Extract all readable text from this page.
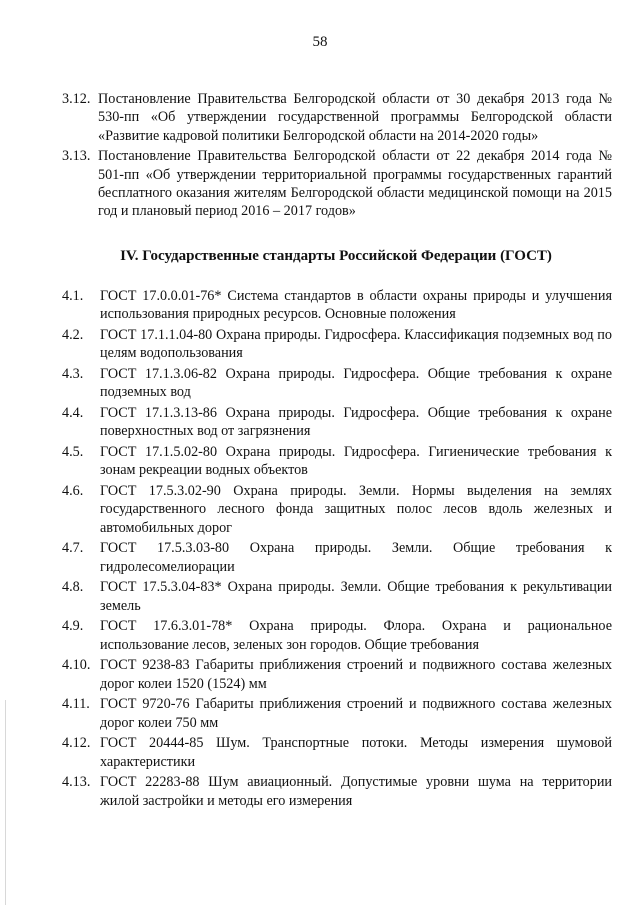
58
3.12. Постановление Правительства Белгородской области от 30 декабря 2013 года № 530-пп «Об утверждении государственной программы Белгородской области «Развитие кадровой политики Белгородской области на 2014-2020 годы»
3.13. Постановление Правительства Белгородской области от 22 декабря 2014 года № 501-пп «Об утверждении территориальной программы государственных гарантий бесплатного оказания жителям Белгородской области медицинской помощи на 2015 год и плановый период 2016 – 2017 годов»
IV. Государственные стандарты Российской Федерации (ГОСТ)
4.1.	ГОСТ 17.0.0.01-76* Система стандартов в области охраны природы и улучшения использования природных ресурсов. Основные положения
4.2.	ГОСТ 17.1.1.04-80 Охрана природы. Гидросфера. Классификация подземных вод по целям водопользования
4.3.	ГОСТ 17.1.3.06-82 Охрана природы. Гидросфера. Общие требования к охране подземных вод
4.4.	ГОСТ 17.1.3.13-86 Охрана природы. Гидросфера. Общие требования к охране поверхностных вод от загрязнения
4.5.	ГОСТ 17.1.5.02-80 Охрана природы. Гидросфера. Гигиенические требования к зонам рекреации водных объектов
4.6.	ГОСТ 17.5.3.02-90 Охрана природы. Земли. Нормы выделения на землях государственного лесного фонда защитных полос лесов вдоль железных и автомобильных дорог
4.7.	ГОСТ 17.5.3.03-80 Охрана природы. Земли. Общие требования к гидролесомелиорации
4.8.	ГОСТ 17.5.3.04-83* Охрана природы. Земли. Общие требования к рекультивации земель
4.9.	ГОСТ 17.6.3.01-78* Охрана природы. Флора. Охрана и рациональное использование лесов, зеленых зон городов. Общие требования
4.10. ГОСТ 9238-83 Габариты приближения строений и подвижного состава железных дорог колеи 1520 (1524) мм
4.11. ГОСТ 9720-76 Габариты приближения строений и подвижного состава железных дорог колеи 750 мм
4.12. ГОСТ 20444-85 Шум. Транспортные потоки. Методы измерения шумовой характеристики
4.13. ГОСТ 22283-88 Шум авиационный. Допустимые уровни шума на территории жилой застройки и методы его измерения
